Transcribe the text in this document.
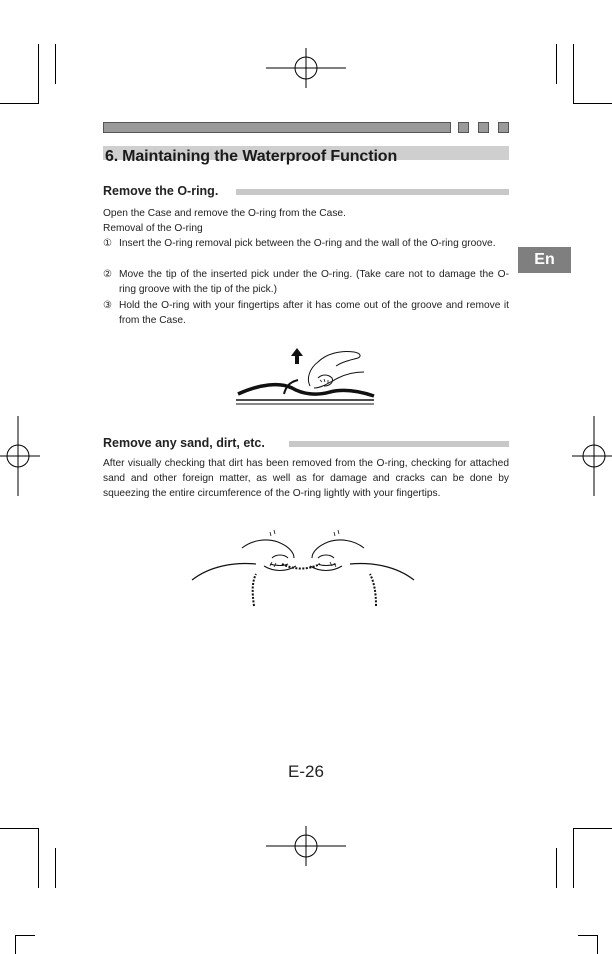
6. Maintaining the Waterproof Function
En
Remove the O-ring.
Open the Case and remove the O-ring from the Case.
Removal of the O-ring
① Insert the O-ring removal pick between the O-ring and the wall of the O-ring groove.
② Move the tip of the inserted pick under the O-ring. (Take care not to damage the O-ring groove with the tip of the pick.)
③ Hold the O-ring with your fingertips after it has come out of the groove and remove it from the Case.
Remove any sand, dirt, etc.
After visually checking that dirt has been removed from the O-ring, checking for attached sand and other foreign matter, as well as for damage and cracks can be done by squeezing the entire circumference of the O-ring lightly with your fingertips.
E-26
